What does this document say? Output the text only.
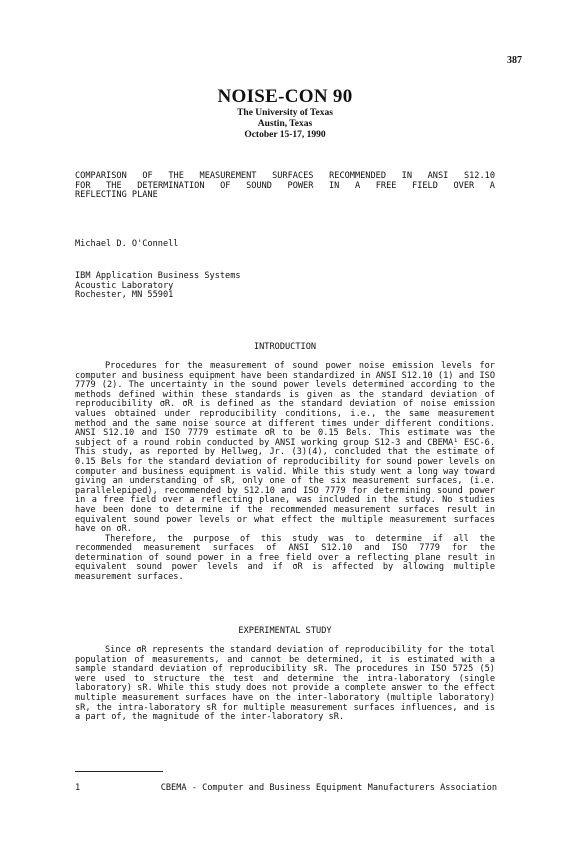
387
NOISE-CON 90
The University of Texas
Austin, Texas
October 15-17, 1990
COMPARISON OF THE MEASUREMENT SURFACES RECOMMENDED IN ANSI S12.10
FOR THE DETERMINATION OF SOUND POWER IN A FREE FIELD OVER A
REFLECTING PLANE
Michael D. O'Connell
IBM Application Business Systems
Acoustic Laboratory
Rochester, MN 55901
INTRODUCTION

Procedures for the measurement of sound power noise emission levels for computer and business equipment have been standardized in ANSI S12.10 (1) and ISO 7779 (2). The uncertainty in the sound power levels determined according to the methods defined within these standards is given as the standard deviation of reproducibility σR. σR is defined as the standard deviation of noise emission values obtained under reproducibility conditions, i.e., the same measurement method and the same noise source at different times under different conditions. ANSI S12.10 and ISO 7779 estimate σR to be 0.15 Bels. This estimate was the subject of a round robin conducted by ANSI working group S12-3 and CBEMA¹ ESC-6. This study, as reported by Hellweg, Jr. (3)(4), concluded that the estimate of 0.15 Bels for the standard deviation of reproducibility for sound power levels on computer and business equipment is valid. While this study went a long way toward giving an understanding of sR, only one of the six measurement surfaces, (i.e. parallelepiped), recommended by S12.10 and ISO 7779 for determining sound power in a free field over a reflecting plane, was included in the study. No studies have been done to determine if the recommended measurement surfaces result in equivalent sound power levels or what effect the multiple measurement surfaces have on σR.

Therefore, the purpose of this study was to determine if all the recommended measurement surfaces of ANSI S12.10 and ISO 7779 for the determination of sound power in a free field over a reflecting plane result in equivalent sound power levels and if σR is affected by allowing multiple measurement surfaces.

EXPERIMENTAL STUDY

Since σR represents the standard deviation of reproducibility for the total population of measurements, and cannot be determined, it is estimated with a sample standard deviation of reproducibility sR. The procedures in ISO 5725 (5) were used to structure the test and determine the intra-laboratory (single laboratory) sR. While this study does not provide a complete answer to the effect multiple measurement surfaces have on the inter-laboratory (multiple laboratory) sR, the intra-laboratory sR for multiple measurement surfaces influences, and is a part of, the magnitude of the inter-laboratory sR.

1	CBEMA - Computer and Business Equipment Manufacturers Association
